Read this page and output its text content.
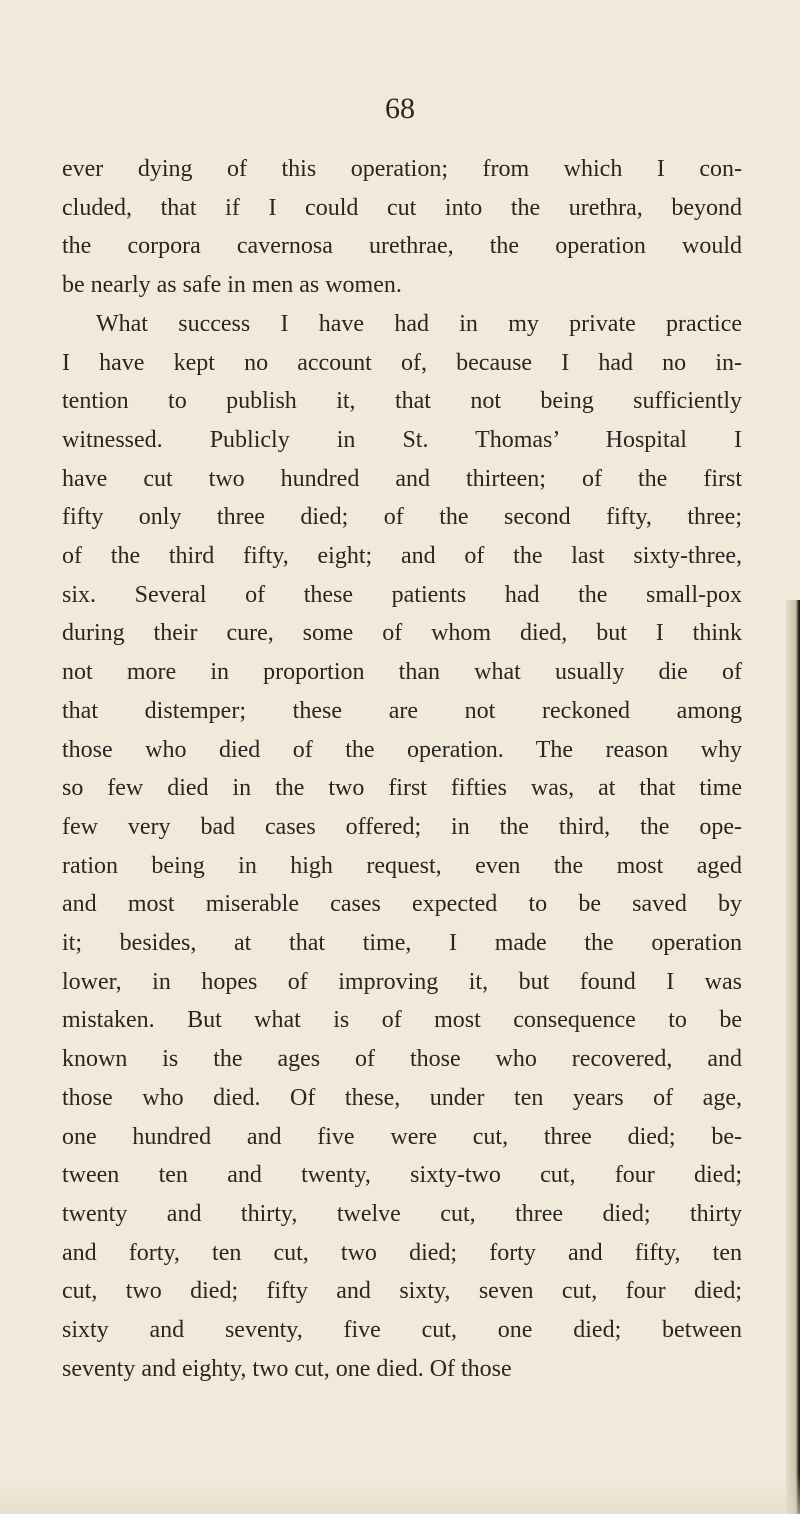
68
ever dying of this operation; from which I con-
cluded, that if I could cut into the urethra, beyond
the corpora cavernosa urethrae, the operation would
be nearly as safe in men as women.
What success I have had in my private practice
I have kept no account of, because I had no in-
tention to publish it, that not being sufficiently
witnessed. Publicly in St. Thomas’ Hospital I
have cut two hundred and thirteen; of the first
fifty only three died; of the second fifty, three;
of the third fifty, eight; and of the last sixty-three,
six. Several of these patients had the small-pox
during their cure, some of whom died, but I think
not more in proportion than what usually die of
that distemper; these are not reckoned among
those who died of the operation. The reason why
so few died in the two first fifties was, at that time
few very bad cases offered; in the third, the ope-
ration being in high request, even the most aged
and most miserable cases expected to be saved by
it; besides, at that time, I made the operation
lower, in hopes of improving it, but found I was
mistaken. But what is of most consequence to be
known is the ages of those who recovered, and
those who died. Of these, under ten years of age,
one hundred and five were cut, three died; be-
tween ten and twenty, sixty-two cut, four died;
twenty and thirty, twelve cut, three died; thirty
and forty, ten cut, two died; forty and fifty, ten
cut, two died; fifty and sixty, seven cut, four died;
sixty and seventy, five cut, one died; between
seventy and eighty, two cut, one died. Of those
